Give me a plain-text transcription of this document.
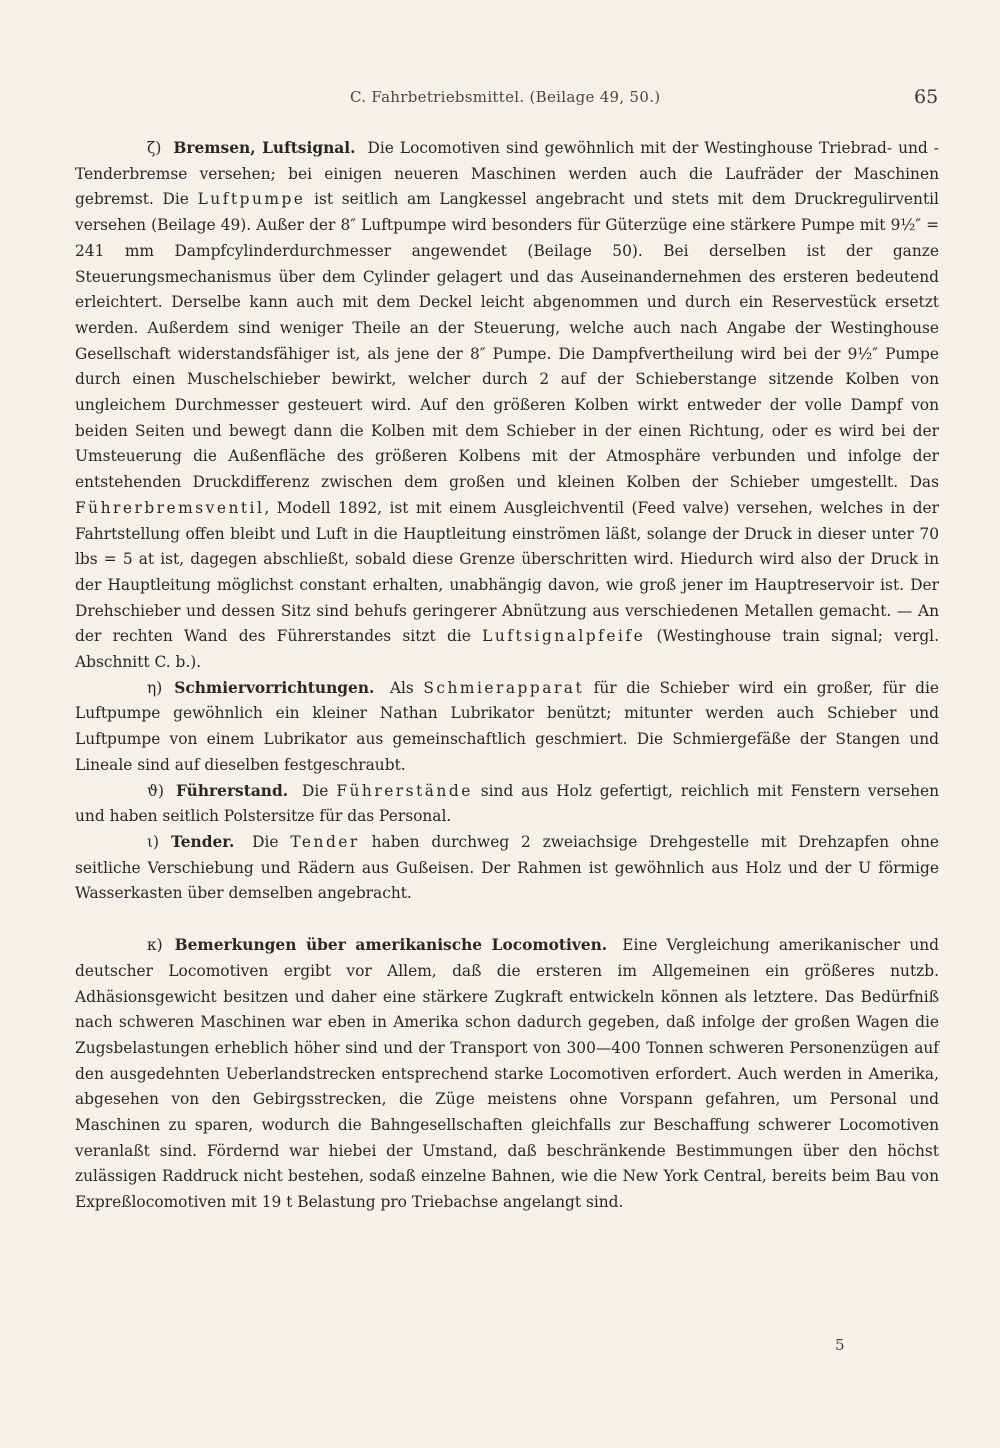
C. Fahrbetriebsmittel. (Beilage 49, 50.)	65

ζ) Bremsen, Luftsignal. Die Locomotiven sind gewöhnlich mit der Westinghouse Triebrad- und -Tenderbremse versehen; bei einigen neueren Maschinen werden auch die Laufräder der Maschinen gebremst. Die Luftpumpe ist seitlich am Langkessel angebracht und stets mit dem Druckregulirventil versehen (Beilage 49). Außer der 8″ Luftpumpe wird besonders für Güterzüge eine stärkere Pumpe mit 9½″ = 241 mm Dampfcylinderdurchmesser angewendet (Beilage 50). Bei derselben ist der ganze Steuerungsmechanismus über dem Cylinder gelagert und das Auseinandernehmen des ersteren bedeutend erleichtert. Derselbe kann auch mit dem Deckel leicht abgenommen und durch ein Reservestück ersetzt werden. Außerdem sind weniger Theile an der Steuerung, welche auch nach Angabe der Westinghouse Gesellschaft widerstandsfähiger ist, als jene der 8″ Pumpe. Die Dampfvertheilung wird bei der 9½″ Pumpe durch einen Muschelschieber bewirkt, welcher durch 2 auf der Schieberstange sitzende Kolben von ungleichem Durchmesser gesteuert wird. Auf den größeren Kolben wirkt entweder der volle Dampf von beiden Seiten und bewegt dann die Kolben mit dem Schieber in der einen Richtung, oder es wird bei der Umsteuerung die Außenfläche des größeren Kolbens mit der Atmosphäre verbunden und infolge der entstehenden Druckdifferenz zwischen dem großen und kleinen Kolben der Schieber umgestellt. Das Führerbremsventil, Modell 1892, ist mit einem Ausgleichventil (Feed valve) versehen, welches in der Fahrtstellung offen bleibt und Luft in die Hauptleitung einströmen läßt, solange der Druck in dieser unter 70 lbs = 5 at ist, dagegen abschließt, sobald diese Grenze überschritten wird. Hiedurch wird also der Druck in der Hauptleitung möglichst constant erhalten, unabhängig davon, wie groß jener im Hauptreservoir ist. Der Drehschieber und dessen Sitz sind behufs geringerer Abnützung aus verschiedenen Metallen gemacht. — An der rechten Wand des Führerstandes sitzt die Luftsignalpfeife (Westinghouse train signal; vergl. Abschnitt C. b.).

η) Schmiervorrichtungen. Als Schmierapparat für die Schieber wird ein großer, für die Luftpumpe gewöhnlich ein kleiner Nathan Lubrikator benützt; mitunter werden auch Schieber und Luftpumpe von einem Lubrikator aus gemeinschaftlich geschmiert. Die Schmiergefäße der Stangen und Lineale sind auf dieselben festgeschraubt.

ϑ) Führerstand. Die Führerstände sind aus Holz gefertigt, reichlich mit Fenstern versehen und haben seitlich Polstersitze für das Personal.

ι) Tender. Die Tender haben durchweg 2 zweiachsige Drehgestelle mit Drehzapfen ohne seitliche Verschiebung und Rädern aus Gußeisen. Der Rahmen ist gewöhnlich aus Holz und der U förmige Wasserkasten über demselben angebracht.

κ) Bemerkungen über amerikanische Locomotiven. Eine Vergleichung amerikanischer und deutscher Locomotiven ergibt vor Allem, daß die ersteren im Allgemeinen ein größeres nutzb. Adhäsionsgewicht besitzen und daher eine stärkere Zugkraft entwickeln können als letztere. Das Bedürfniß nach schweren Maschinen war eben in Amerika schon dadurch gegeben, daß infolge der großen Wagen die Zugsbelastungen erheblich höher sind und der Transport von 300—400 Tonnen schweren Personenzügen auf den ausgedehnten Ueberlandstrecken entsprechend starke Locomotiven erfordert. Auch werden in Amerika, abgesehen von den Gebirgsstrecken, die Züge meistens ohne Vorspann gefahren, um Personal und Maschinen zu sparen, wodurch die Bahngesellschaften gleichfalls zur Beschaffung schwerer Locomotiven veranlaßt sind. Fördernd war hiebei der Umstand, daß beschränkende Bestimmungen über den höchst zulässigen Raddruck nicht bestehen, sodaß einzelne Bahnen, wie die New York Central, bereits beim Bau von Expreßlocomotiven mit 19 t Belastung pro Triebachse angelangt sind.

5
